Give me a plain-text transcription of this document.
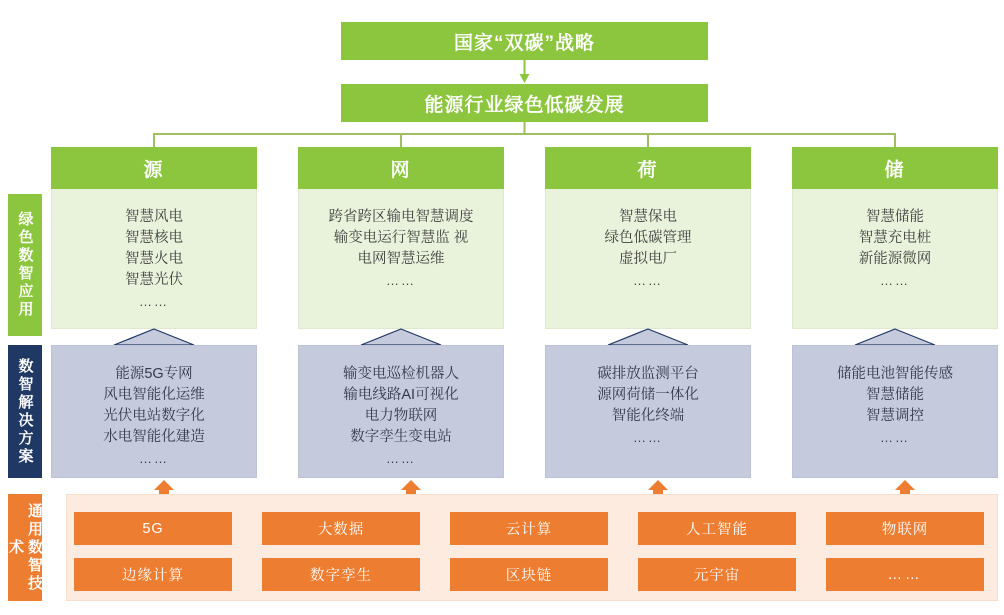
国家“双碳”战略
能源行业绿色低碳发展
源	网	荷	储
智慧风电
智慧核电
智慧火电
智慧光伏
……
跨省跨区输电智慧调度
输变电运行智慧监 视
电网智慧运维
……
智慧保电
绿色低碳管理
虚拟电厂
……
智慧储能
智慧充电桩
新能源微网
……
能源5G专网
风电智能化运维
光伏电站数字化
水电智能化建造
……
输变电巡检机器人
输电线路AI可视化
电力物联网
数字孪生变电站
……
碳排放监测平台
源网荷储一体化
智能化终端
……
储能电池智能传感
智慧储能
智慧调控
……
5G	大数据	云计算	人工智能	物联网
边缘计算	数字孪生	区块链	元宇宙	……
绿色数智应用
数智解决方案
通用数智技术
